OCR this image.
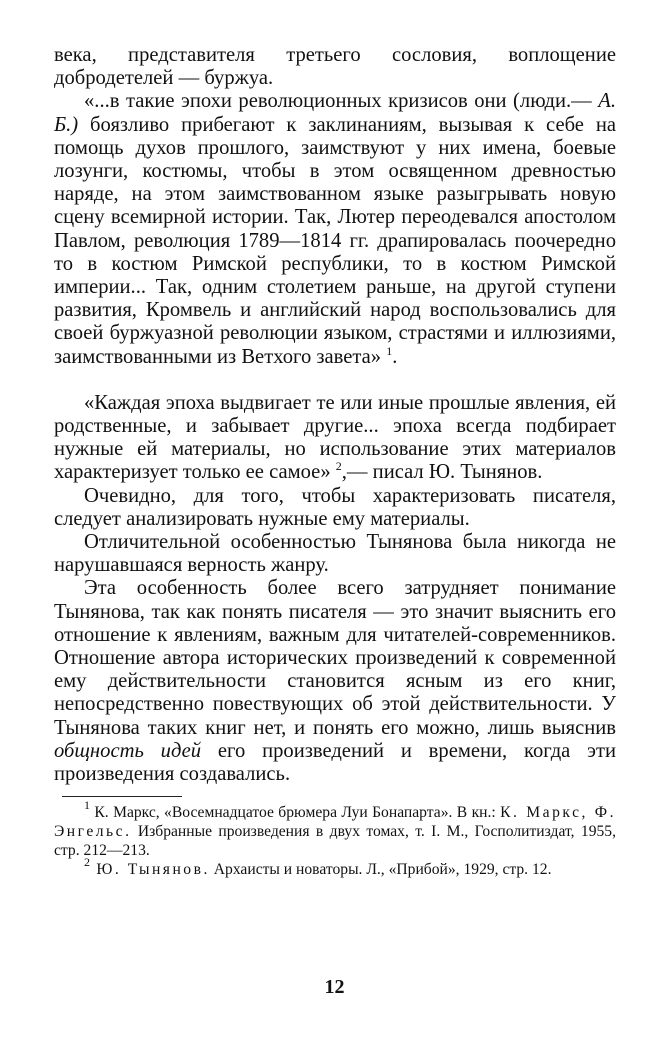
века, представителя третьего сословия, воплощение добродетелей — буржуа.

«...в такие эпохи революционных кризисов они (люди.— А. Б.) боязливо прибегают к заклинаниям, вызывая к себе на помощь духов прошлого, заимствуют у них имена, боевые лозунги, костюмы, чтобы в этом освященном древностью наряде, на этом заимствованном языке разыгрывать новую сцену всемирной истории. Так, Лютер переодевался апостолом Павлом, революция 1789—1814 гг. драпировалась поочередно то в костюм Римской республики, то в костюм Римской империи... Так, одним столетием раньше, на другой ступени развития, Кромвель и английский народ воспользовались для своей буржуазной революции языком, страстями и иллюзиями, заимствованными из Ветхого завета» $^1$.

«Каждая эпоха выдвигает те или иные прошлые явления, ей родственные, и забывает другие... эпоха всегда подбирает нужные ей материалы, но использование этих материалов характеризует только ее самое» $^2$,— писал Ю. Тынянов.

Очевидно, для того, чтобы характеризовать писателя, следует анализировать нужные ему материалы.

Отличительной особенностью Тынянова была никогда не нарушавшаяся верность жанру.

Эта особенность более всего затрудняет понимание Тынянова, так как понять писателя — это значит выяснить его отношение к явлениям, важным для читателей-современников. Отношение автора исторических произведений к современной ему действительности становится ясным из его книг, непосредственно повествующих об этой действительности. У Тынянова таких книг нет, и понять его можно, лишь выяснив общность идей его произведений и времени, когда эти произведения создавались.

$^1$ К. Маркс, «Восемнадцатое брюмера Луи Бонапарта». В кн.: К. Маркс, Ф. Энгельс. Избранные произведения в двух томах, т. I. М., Госполитиздат, 1955, стр. 212—213.

$^2$ Ю. Тынянов. Архаисты и новаторы. Л., «Прибой», 1929, стр. 12.

12
